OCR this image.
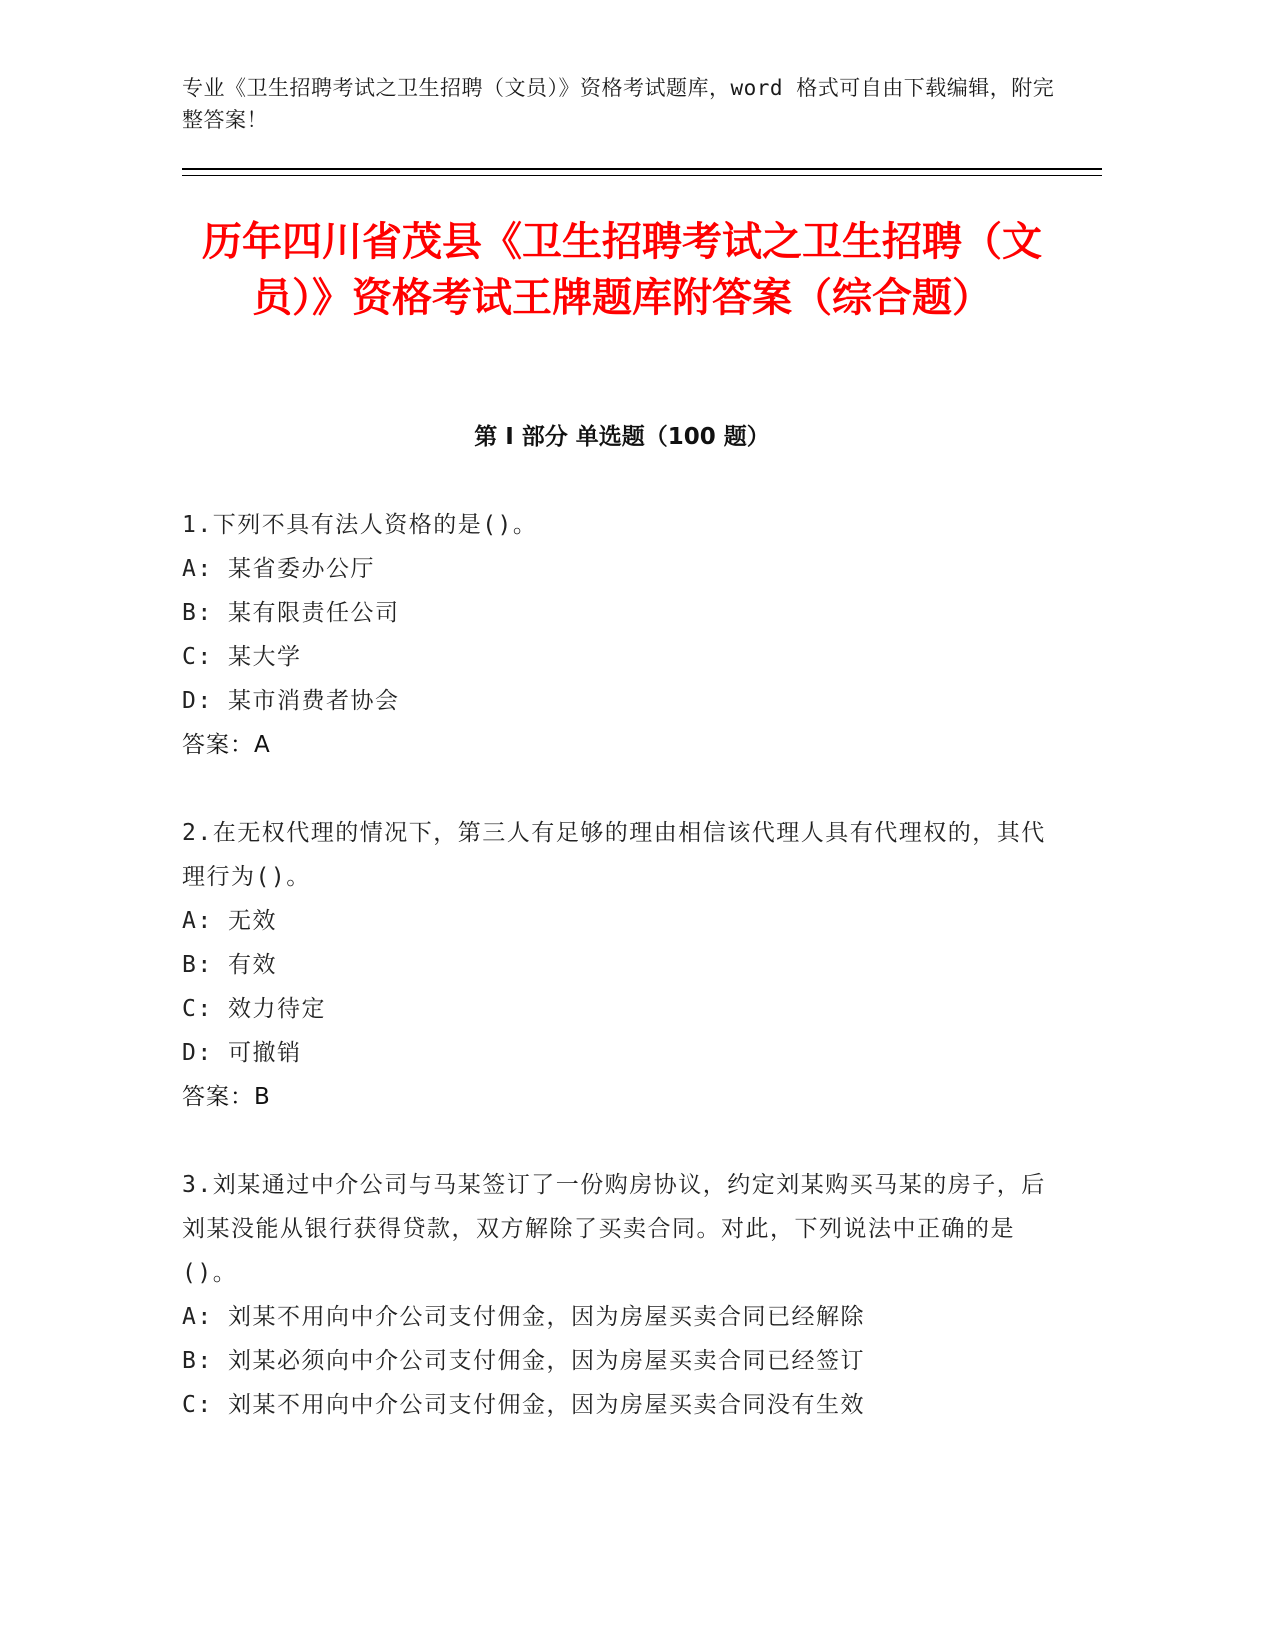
专业《卫生招聘考试之卫生招聘（文员）》资格考试题库，word 格式可自由下载编辑，附完整答案！
历年四川省茂县《卫生招聘考试之卫生招聘（文员）》资格考试王牌题库附答案（综合题）
第 I 部分 单选题（100 题）
1.下列不具有法人资格的是()。
A: 某省委办公厅
B: 某有限责任公司
C: 某大学
D: 某市消费者协会
答案：A
2.在无权代理的情况下，第三人有足够的理由相信该代理人具有代理权的，其代理行为()。
A: 无效
B: 有效
C: 效力待定
D: 可撤销
答案：B
3.刘某通过中介公司与马某签订了一份购房协议，约定刘某购买马某的房子，后刘某没能从银行获得贷款，双方解除了买卖合同。对此，下列说法中正确的是()。
A: 刘某不用向中介公司支付佣金，因为房屋买卖合同已经解除
B: 刘某必须向中介公司支付佣金，因为房屋买卖合同已经签订
C: 刘某不用向中介公司支付佣金，因为房屋买卖合同没有生效
